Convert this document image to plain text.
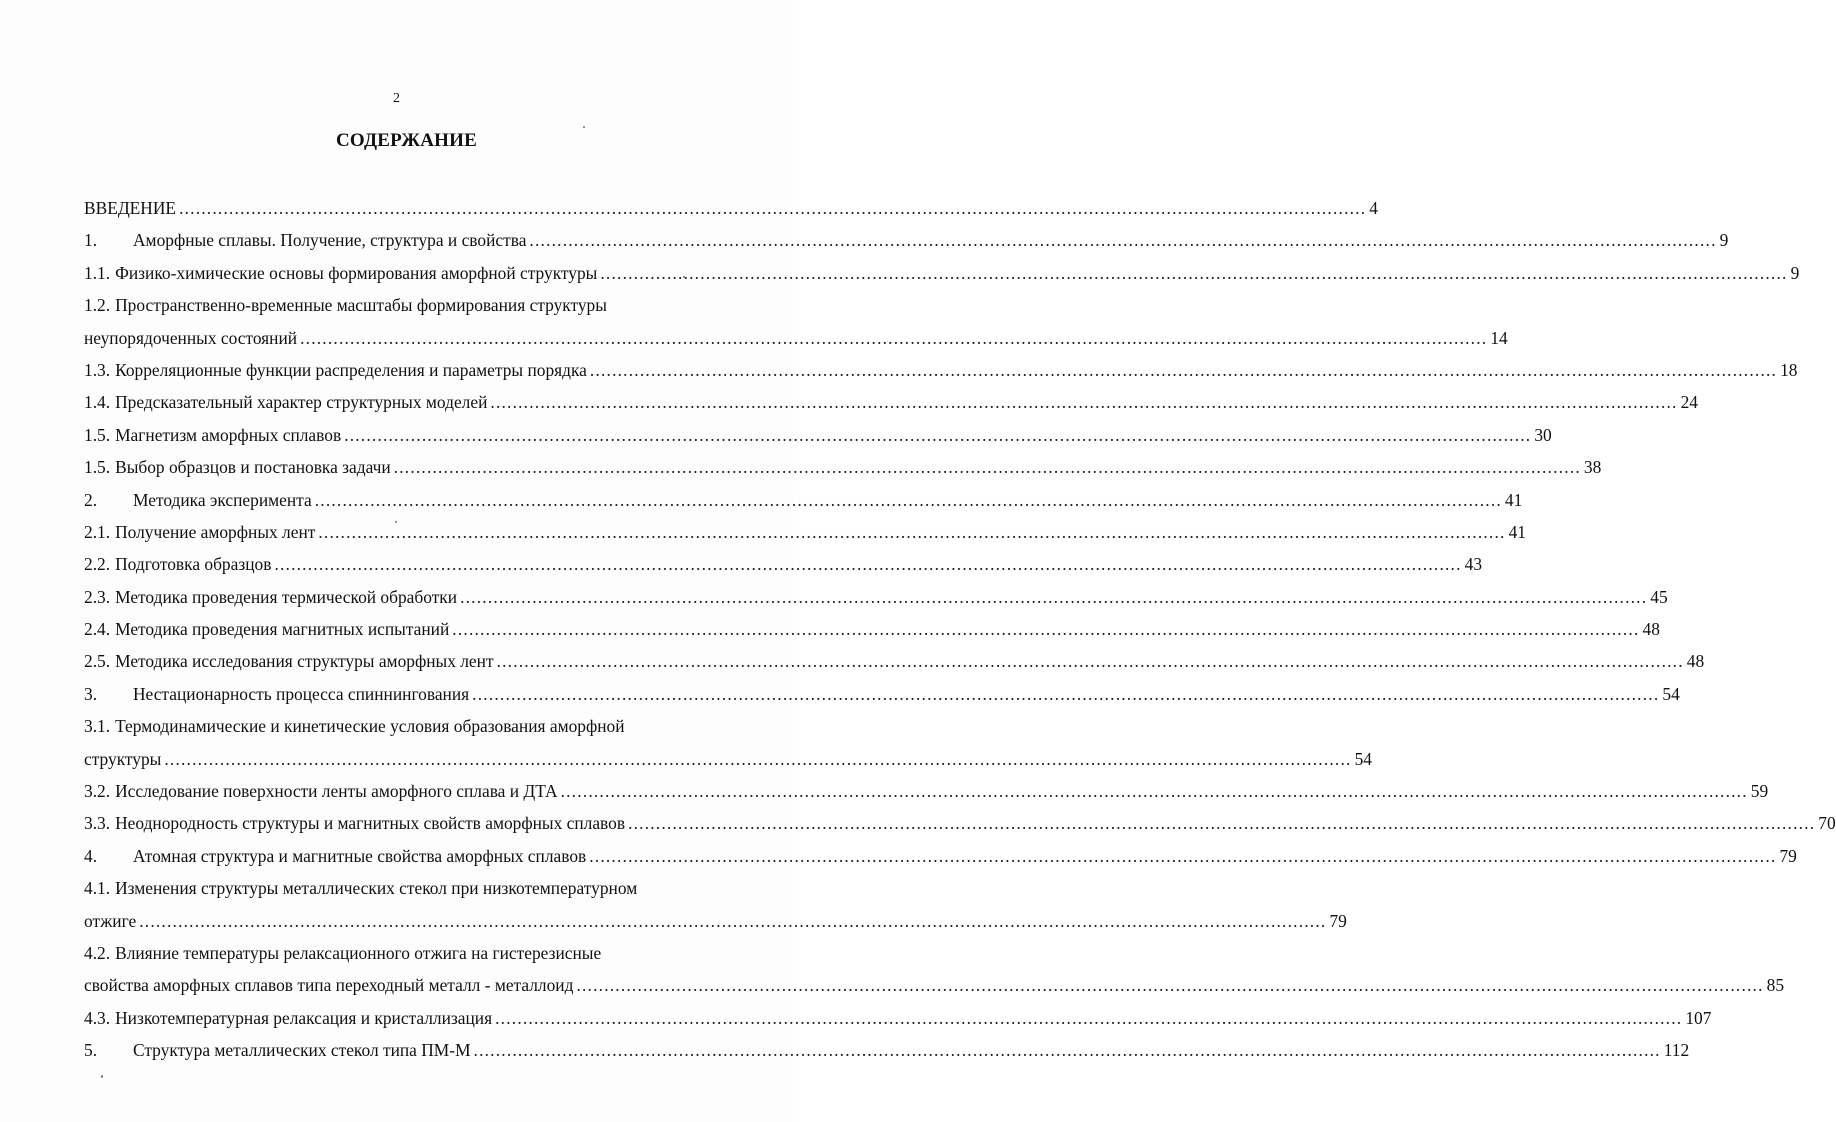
2
СОДЕРЖАНИЕ
ВВЕДЕНИЕ .....	4
1.	Аморфные сплавы. Получение, структура и свойства .....	9
1.1. Физико-химические основы формирования аморфной структуры .....	9
1.2. Пространственно-временные масштабы формирования структуры
неупорядоченных состояний .....	14
1.3. Корреляционные функции распределения и параметры порядка .....	18
1.4. Предсказательный характер структурных моделей .....	24
1.5. Магнетизм аморфных сплавов .....	30
1.5. Выбор образцов и постановка задачи .....	38
2.	Методика эксперимента .....	41
2.1. Получение аморфных лент .....	41
2.2. Подготовка образцов .....	43
2.3. Методика проведения термической обработки .....	45
2.4. Методика проведения магнитных испытаний .....	48
2.5. Методика исследования структуры аморфных лент .....	48
3.	Нестационарность процесса спиннингования .....	54
3.1. Термодинамические и кинетические условия образования аморфной
структуры .....	54
3.2. Исследование поверхности ленты аморфного сплава и ДТА .....	59
3.3. Неоднородность структуры и магнитных свойств аморфных сплавов .....	70
4.	Атомная структура и магнитные свойства аморфных сплавов .....	79
4.1. Изменения структуры металлических стекол при низкотемпературном
отжиге .....	79
4.2. Влияние температуры релаксационного отжига на гистерезисные
свойства аморфных сплавов типа переходный металл - металлоид .....	85
4.3. Низкотемпературная релаксация и кристаллизация .....	107
5.	Структура металлических стекол типа ПМ-М .....	112
